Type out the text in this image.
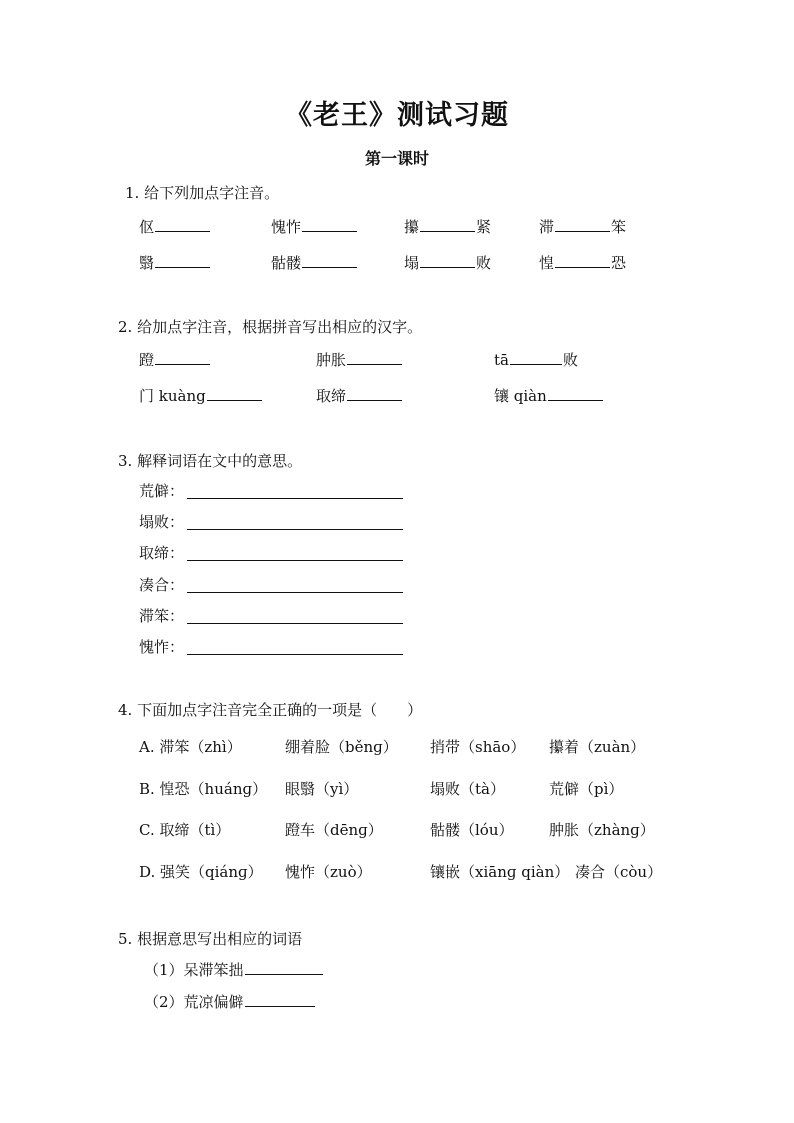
《老王》测试习题
第一课时
1. 给下列加点字注音。
伛	愧怍	攥	紧	滞	笨
翳	骷髅	塌	败	惶	恐
2. 给加点字注音，根据拼音写出相应的汉字。
蹬	肿胀	tā	败
门 kuàng	取缔	镶 qiàn
3. 解释词语在文中的意思。
荒僻：
塌败：
取缔：
凑合：
滞笨：
愧怍：
4. 下面加点字注音完全正确的一项是（　　）
A. 滞笨（zhì）	绷着脸（běnɡ） 捎带（shāo） 攥着（zuàn）
B. 惶恐（huánɡ） 眼翳（yì）	塌败（tà）	荒僻（pì）
C. 取缔（tì）	蹬车（dēnɡ）	骷髅（lóu） 肿胀（zhànɡ）
D. 强笑（qiánɡ） 愧怍（zuò）	镶嵌（xiānɡ qiàn） 凑合（còu）
5. 根据意思写出相应的词语
（1）呆滞笨拙
（2）荒凉偏僻
